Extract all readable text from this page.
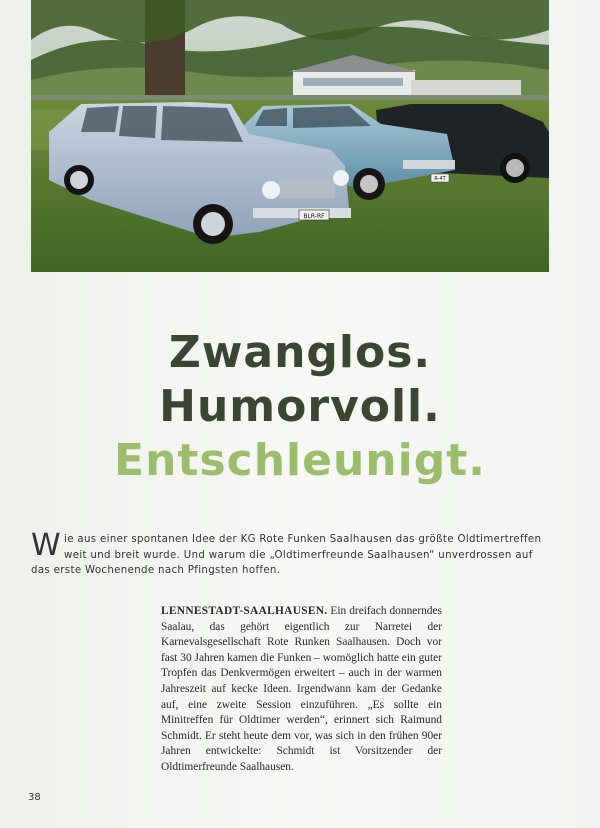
BLR-RF
R-4T
Zwanglos.
Humorvoll.
Entschleunigt.
Wie aus einer spontanen Idee der KG Rote Funken Saalhausen das größte Oldtimertreffen weit und breit wurde. Und warum die „Oldtimerfreunde Saalhausen“ unverdrossen auf das erste Wochenende nach Pfingsten hoffen.
LENNESTADT-SAALHAUSEN. Ein dreifach donnerndes Saalau, das gehört eigentlich zur Narretei der Karnevalsgesellschaft Rote Runken Saalhausen. Doch vor fast 30 Jahren kamen die Funken – womöglich hatte ein guter Tropfen das Denkvermögen erweitert – auch in der warmen Jahreszeit auf kecke Ideen. Irgendwann kam der Gedanke auf, eine zweite Session einzuführen. „Es sollte ein Minitreffen für Oldtimer werden“, erinnert sich Raimund Schmidt. Er steht heute dem vor, was sich in den frühen 90er Jahren entwickelte: Schmidt ist Vorsitzender der Oldtimerfreunde Saalhausen.
38
